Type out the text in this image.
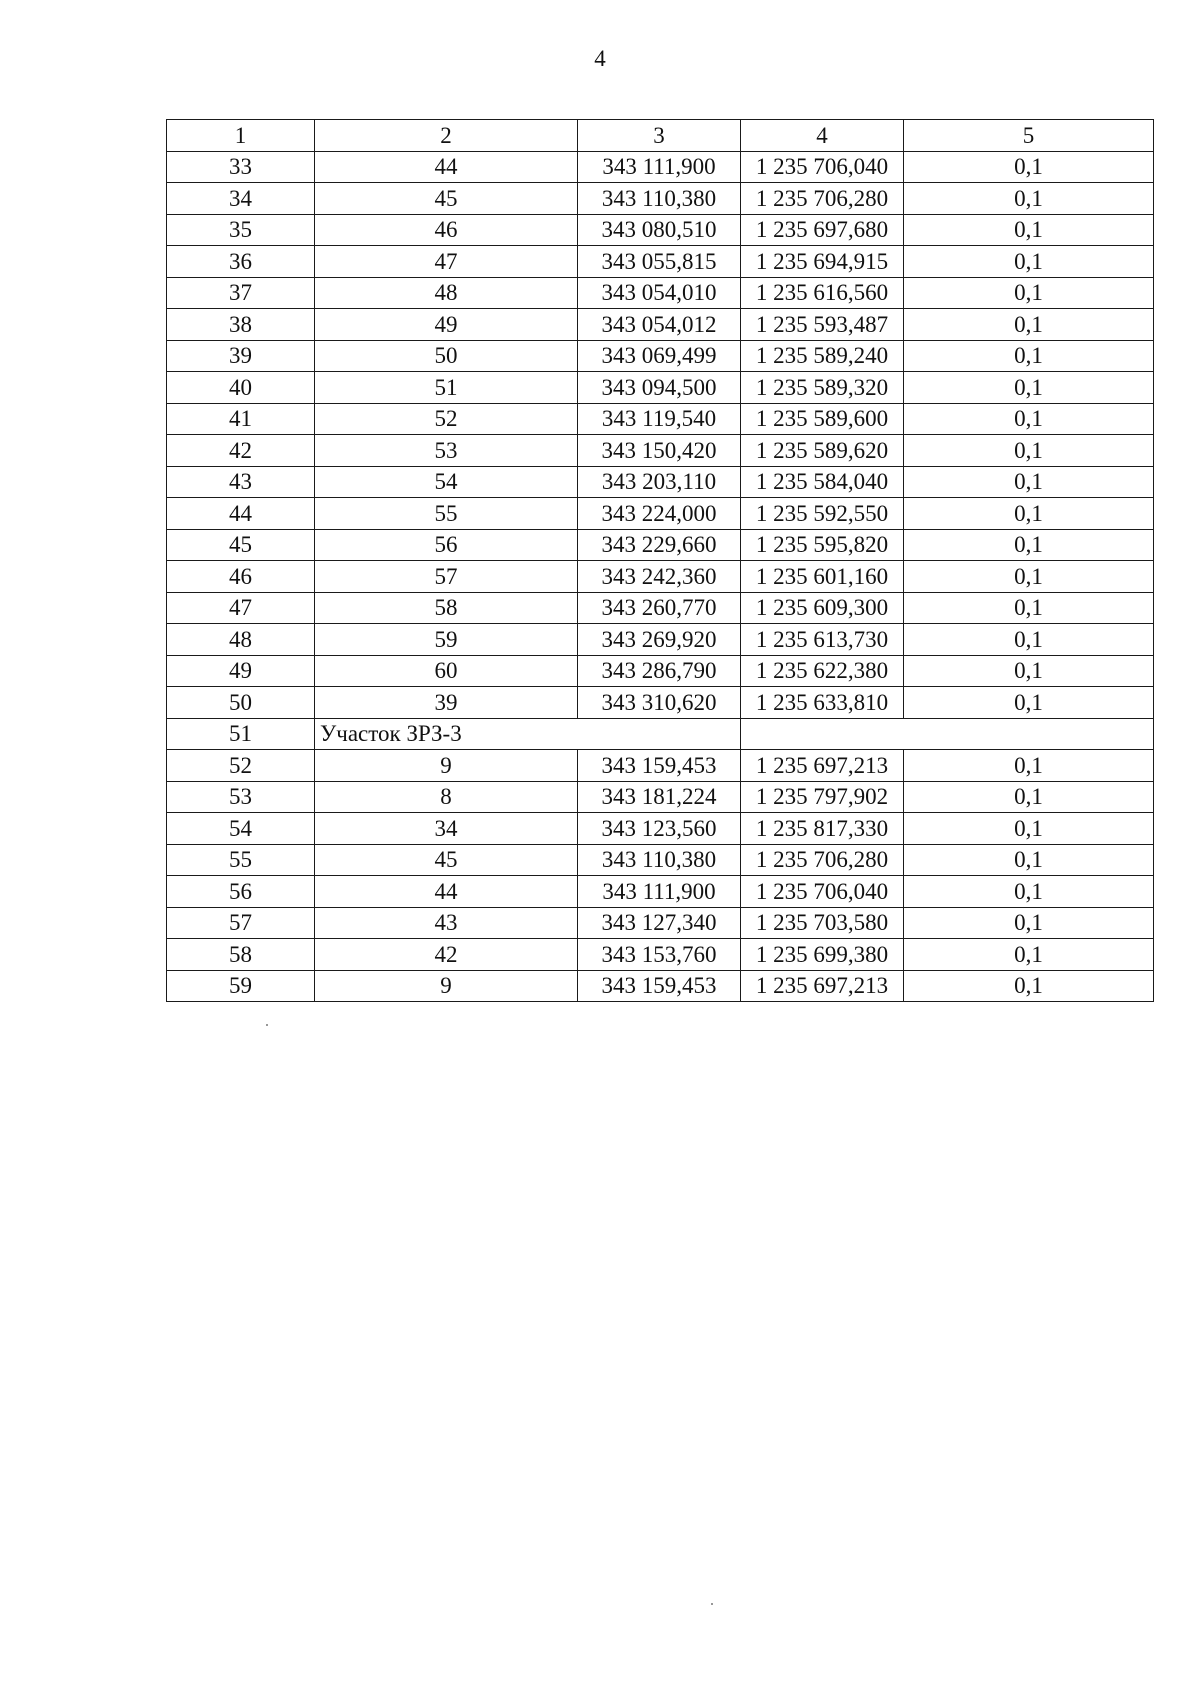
4
1	2	3	4	5
33	44	343 111,900	1 235 706,040	0,1
34	45	343 110,380	1 235 706,280	0,1
35	46	343 080,510	1 235 697,680	0,1
36	47	343 055,815	1 235 694,915	0,1
37	48	343 054,010	1 235 616,560	0,1
38	49	343 054,012	1 235 593,487	0,1
39	50	343 069,499	1 235 589,240	0,1
40	51	343 094,500	1 235 589,320	0,1
41	52	343 119,540	1 235 589,600	0,1
42	53	343 150,420	1 235 589,620	0,1
43	54	343 203,110	1 235 584,040	0,1
44	55	343 224,000	1 235 592,550	0,1
45	56	343 229,660	1 235 595,820	0,1
46	57	343 242,360	1 235 601,160	0,1
47	58	343 260,770	1 235 609,300	0,1
48	59	343 269,920	1 235 613,730	0,1
49	60	343 286,790	1 235 622,380	0,1
50	39	343 310,620	1 235 633,810	0,1
51	Участок ЗРЗ-3			
52	9	343 159,453	1 235 697,213	0,1
53	8	343 181,224	1 235 797,902	0,1
54	34	343 123,560	1 235 817,330	0,1
55	45	343 110,380	1 235 706,280	0,1
56	44	343 111,900	1 235 706,040	0,1
57	43	343 127,340	1 235 703,580	0,1
58	42	343 153,760	1 235 699,380	0,1
59	9	343 159,453	1 235 697,213	0,1
